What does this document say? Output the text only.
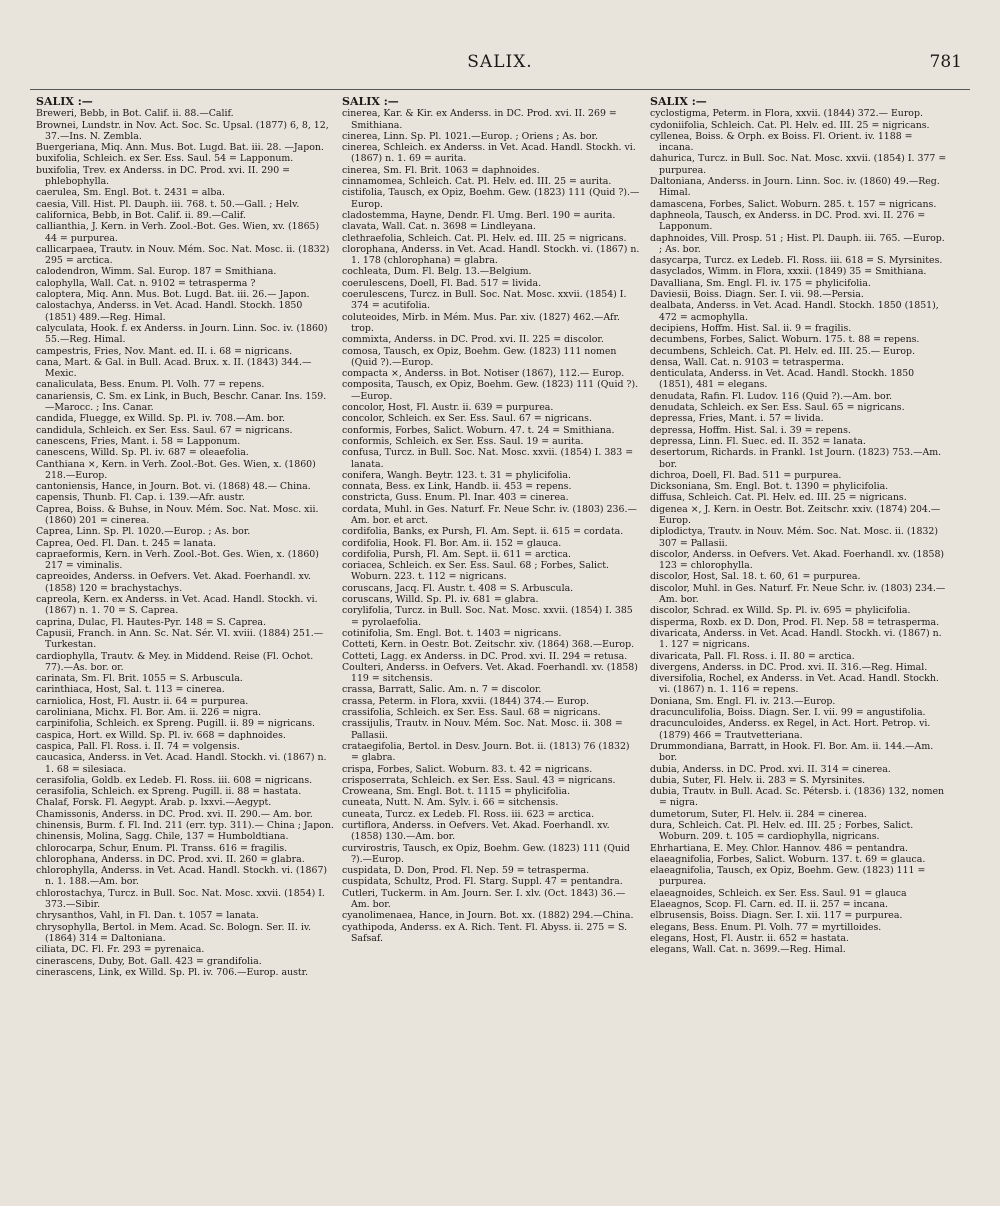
SALIX.	781
SALIX :—

Breweri, Bebb, in Bot. Calif. ii. 88.—Calif.

Brownei, Lundstr. in Nov. Act. Soc. Sc. Upsal. (1877) 6, 8, 12, 37.—Ins. N. Zembla.

Buergeriana, Miq. Ann. Mus. Bot. Lugd. Bat. iii. 28. —Japon.

buxifolia, Schleich. ex Ser. Ess. Saul. 54 = Lapponum.

buxifolia, Trev. ex Anderss. in DC. Prod. xvi. II. 290 = phlebophylla.

caerulea, Sm. Engl. Bot. t. 2431 = alba.

caesia, Vill. Hist. Pl. Dauph. iii. 768. t. 50.—Gall. ; Helv.

californica, Bebb, in Bot. Calif. ii. 89.—Calif.

callianthia, J. Kern. in Verh. Zool.-Bot. Ges. Wien, xv. (1865) 44 = purpurea.

callicarpaea, Trautv. in Nouv. Mém. Soc. Nat. Mosc. ii. (1832) 295 = arctica.

calodendron, Wimm. Sal. Europ. 187 = Smithiana.

calophylla, Wall. Cat. n. 9102 = tetrasperma ?

caloptera, Miq. Ann. Mus. Bot. Lugd. Bat. iii. 26.— Japon.

calostachya, Anderss. in Vet. Acad. Handl. Stockh. 1850 (1851) 489.—Reg. Himal.

calyculata, Hook. f. ex Anderss. in Journ. Linn. Soc. iv. (1860) 55.—Reg. Himal.

campestris, Fries, Nov. Mant. ed. II. i. 68 = nigricans.

cana, Mart. & Gal. in Bull. Acad. Brux. x. II. (1843) 344.—Mexic.

canaliculata, Bess. Enum. Pl. Volh. 77 = repens.

canariensis, C. Sm. ex Link, in Buch, Beschr. Canar. Ins. 159.—Marocc. ; Ins. Canar.

candida, Fluegge, ex Willd. Sp. Pl. iv. 708.—Am. bor.

candidula, Schleich. ex Ser. Ess. Saul. 67 = nigricans.

canescens, Fries, Mant. i. 58 = Lapponum.

canescens, Willd. Sp. Pl. iv. 687 = oleaefolia.

Canthiana ×, Kern. in Verh. Zool.-Bot. Ges. Wien, x. (1860) 218.—Europ.

cantoniensis, Hance, in Journ. Bot. vi. (1868) 48.— China.

capensis, Thunb. Fl. Cap. i. 139.—Afr. austr.

Caprea, Boiss. & Buhse, in Nouv. Mém. Soc. Nat. Mosc. xii. (1860) 201 = cinerea.

Caprea, Linn. Sp. Pl. 1020.—Europ. ; As. bor.

Caprea, Oed. Fl. Dan. t. 245 = lanata.

capraeformis, Kern. in Verh. Zool.-Bot. Ges. Wien, x. (1860) 217 = viminalis.

capreoides, Anderss. in Oefvers. Vet. Akad. Foerhandl. xv. (1858) 120 = brachystachys.

capreola, Kern. ex Anderss. in Vet. Acad. Handl. Stockh. vi. (1867) n. 1. 70 = S. Caprea.

caprina, Dulac, Fl. Hautes-Pyr. 148 = S. Caprea.

Capusii, Franch. in Ann. Sc. Nat. Sér. VI. xviii. (1884) 251.—Turkestan.

cardiophylla, Trautv. & Mey. in Middend. Reise (Fl. Ochot. 77).—As. bor. or.

carinata, Sm. Fl. Brit. 1055 = S. Arbuscula.

carinthiaca, Host, Sal. t. 113 = cinerea.

carniolica, Host, Fl. Austr. ii. 64 = purpurea.

caroliniana, Michx. Fl. Bor. Am. ii. 226 = nigra.

carpinifolia, Schleich. ex Spreng. Pugill. ii. 89 = nigricans.

caspica, Hort. ex Willd. Sp. Pl. iv. 668 = daphnoides.

caspica, Pall. Fl. Ross. i. II. 74 = volgensis.

caucasica, Anderss. in Vet. Acad. Handl. Stockh. vi. (1867) n. 1. 68 = silesiaca.

cerasifolia, Goldb. ex Ledeb. Fl. Ross. iii. 608 = nigricans.

cerasifolia, Schleich. ex Spreng. Pugill. ii. 88 = hastata.

Chalaf, Forsk. Fl. Aegypt. Arab. p. lxxvi.—Aegypt.

Chamissonis, Anderss. in DC. Prod. xvi. II. 290.— Am. bor.

chinensis, Burm. f. Fl. Ind. 211 (err. typ. 311).— China ; Japon.

chinensis, Molina, Sagg. Chile, 137 = Humboldtiana.

chlorocarpa, Schur, Enum. Pl. Transs. 616 = fragilis.

chlorophana, Anderss. in DC. Prod. xvi. II. 260 = glabra.

chlorophylla, Anderss. in Vet. Acad. Handl. Stockh. vi. (1867) n. 1. 188.—Am. bor.

chlorostachya, Turcz. in Bull. Soc. Nat. Mosc. xxvii. (1854) I. 373.—Sibir.

chrysanthos, Vahl, in Fl. Dan. t. 1057 = lanata.

chrysophylla, Bertol. in Mem. Acad. Sc. Bologn. Ser. II. iv. (1864) 314 = Daltoniana.

ciliata, DC. Fl. Fr. 293 = pyrenaica.

cinerascens, Duby, Bot. Gall. 423 = grandifolia.

cinerascens, Link, ex Willd. Sp. Pl. iv. 706.—Europ. austr.

SALIX :—

cinerea, Kar. & Kir. ex Anderss. in DC. Prod. xvi. II. 269 = Smithiana.

cinerea, Linn. Sp. Pl. 1021.—Europ. ; Oriens ; As. bor.

cinerea, Schleich. ex Anderss. in Vet. Acad. Handl. Stockh. vi. (1867) n. 1. 69 = aurita.

cinerea, Sm. Fl. Brit. 1063 = daphnoides.

cinnamomea, Schleich. Cat. Pl. Helv. ed. III. 25 = aurita.

cistifolia, Tausch, ex Opiz, Boehm. Gew. (1823) 111 (Quid ?).—Europ.

cladostemma, Hayne, Dendr. Fl. Umg. Berl. 190 = aurita.

clavata, Wall. Cat. n. 3698 = Lindleyana.

clethraefolia, Schleich. Cat. Pl. Helv. ed. III. 25 = nigricans.

clorophana, Anderss. in Vet. Acad. Handl. Stockh. vi. (1867) n. 1. 178 (chlorophana) = glabra.

cochleata, Dum. Fl. Belg. 13.—Belgium.

coerulescens, Doell, Fl. Bad. 517 = livida.

coerulescens, Turcz. in Bull. Soc. Nat. Mosc. xxvii. (1854) I. 374 = acutifolia.

coluteoides, Mirb. in Mém. Mus. Par. xiv. (1827) 462.—Afr. trop.

commixta, Anderss. in DC. Prod. xvi. II. 225 = discolor.

comosa, Tausch, ex Opiz, Boehm. Gew. (1823) 111 nomen (Quid ?).—Europ.

compacta ×, Anderss. in Bot. Notiser (1867), 112.— Europ.

composita, Tausch, ex Opiz, Boehm. Gew. (1823) 111 (Quid ?).—Europ.

concolor, Host, Fl. Austr. ii. 639 = purpurea.

concolor, Schleich. ex Ser. Ess. Saul. 67 = nigricans.

conformis, Forbes, Salict. Woburn. 47. t. 24 = Smithiana.

conformis, Schleich. ex Ser. Ess. Saul. 19 = aurita.

confusa, Turcz. in Bull. Soc. Nat. Mosc. xxvii. (1854) I. 383 = lanata.

conifera, Wangh. Beytr. 123. t. 31 = phylicifolia.

connata, Bess. ex Link, Handb. ii. 453 = repens.

constricta, Guss. Enum. Pl. Inar. 403 = cinerea.

cordata, Muhl. in Ges. Naturf. Fr. Neue Schr. iv. (1803) 236.—Am. bor. et arct.

cordifolia, Banks, ex Pursh, Fl. Am. Sept. ii. 615 = cordata.

cordifolia, Hook. Fl. Bor. Am. ii. 152 = glauca.

cordifolia, Pursh, Fl. Am. Sept. ii. 611 = arctica.

coriacea, Schleich. ex Ser. Ess. Saul. 68 ; Forbes, Salict. Woburn. 223. t. 112 = nigricans.

coruscans, Jacq. Fl. Austr. t. 408 = S. Arbuscula.

coruscans, Willd. Sp. Pl. iv. 681 = glabra.

corylifolia, Turcz. in Bull. Soc. Nat. Mosc. xxvii. (1854) I. 385 = pyrolaefolia.

cotinifolia, Sm. Engl. Bot. t. 1403 = nigricans.

Cotteti, Kern. in Oestr. Bot. Zeitschr. xiv. (1864) 368.—Europ.

Cotteti, Lagg. ex Anderss. in DC. Prod. xvi. II. 294 = retusa.

Coulteri, Anderss. in Oefvers. Vet. Akad. Foerhandl. xv. (1858) 119 = sitchensis.

crassa, Barratt, Salic. Am. n. 7 = discolor.

crassa, Peterm. in Flora, xxvii. (1844) 374.— Europ.

crassifolia, Schleich. ex Ser. Ess. Saul. 68 = nigricans.

crassijulis, Trautv. in Nouv. Mém. Soc. Nat. Mosc. ii. 308 = Pallasii.

crataegifolia, Bertol. in Desv. Journ. Bot. ii. (1813) 76 (1832) = glabra.

crispa, Forbes, Salict. Woburn. 83. t. 42 = nigricans.

crisposerrata, Schleich. ex Ser. Ess. Saul. 43 = nigricans.

Croweana, Sm. Engl. Bot. t. 1115 = phylicifolia.

cuneata, Nutt. N. Am. Sylv. i. 66 = sitchensis.

cuneata, Turcz. ex Ledeb. Fl. Ross. iii. 623 = arctica.

curtiflora, Anderss. in Oefvers. Vet. Akad. Foerhandl. xv. (1858) 130.—Am. bor.

curvirostris, Tausch, ex Opiz, Boehm. Gew. (1823) 111 (Quid ?).—Europ.

cuspidata, D. Don, Prod. Fl. Nep. 59 = tetrasperma.

cuspidata, Schultz, Prod. Fl. Starg. Suppl. 47 = pentandra.

Cutleri, Tuckerm. in Am. Journ. Ser. I. xlv. (Oct. 1843) 36.—Am. bor.

cyanolimenaea, Hance, in Journ. Bot. xx. (1882) 294.—China.

cyathipoda, Anderss. ex A. Rich. Tent. Fl. Abyss. ii. 275 = S. Safsaf.

SALIX :—

cyclostigma, Peterm. in Flora, xxvii. (1844) 372.— Europ.

cydoniifolia, Schleich. Cat. Pl. Helv. ed. III. 25 = nigricans.

cyllenea, Boiss. & Orph. ex Boiss. Fl. Orient. iv. 1188 = incana.

dahurica, Turcz. in Bull. Soc. Nat. Mosc. xxvii. (1854) I. 377 = purpurea.

Daltoniana, Anderss. in Journ. Linn. Soc. iv. (1860) 49.—Reg. Himal.

damascena, Forbes, Salict. Woburn. 285. t. 157 = nigricans.

daphneola, Tausch, ex Anderss. in DC. Prod. xvi. II. 276 = Lapponum.

daphnoides, Vill. Prosp. 51 ; Hist. Pl. Dauph. iii. 765. —Europ. ; As. bor.

dasycarpa, Turcz. ex Ledeb. Fl. Ross. iii. 618 = S. Myrsinites.

dasyclados, Wimm. in Flora, xxxii. (1849) 35 = Smithiana.

Davalliana, Sm. Engl. Fl. iv. 175 = phylicifolia.

Daviesii, Boiss. Diagn. Ser. I. vii. 98.—Persia.

dealbata, Anderss. in Vet. Acad. Handl. Stockh. 1850 (1851), 472 = acmophylla.

decipiens, Hoffm. Hist. Sal. ii. 9 = fragilis.

decumbens, Forbes, Salict. Woburn. 175. t. 88 = repens.

decumbens, Schleich. Cat. Pl. Helv. ed. III. 25.— Europ.

densa, Wall. Cat. n. 9103 = tetrasperma.

denticulata, Anderss. in Vet. Acad. Handl. Stockh. 1850 (1851), 481 = elegans.

denudata, Rafin. Fl. Ludov. 116 (Quid ?).—Am. bor.

denudata, Schleich. ex Ser. Ess. Saul. 65 = nigricans.

depressa, Fries, Mant. i. 57 = livida.

depressa, Hoffm. Hist. Sal. i. 39 = repens.

depressa, Linn. Fl. Suec. ed. II. 352 = lanata.

desertorum, Richards. in Frankl. 1st Journ. (1823) 753.—Am. bor.

dichroa, Doell, Fl. Bad. 511 = purpurea.

Dicksoniana, Sm. Engl. Bot. t. 1390 = phylicifolia.

diffusa, Schleich. Cat. Pl. Helv. ed. III. 25 = nigricans.

digenea ×, J. Kern. in Oestr. Bot. Zeitschr. xxiv. (1874) 204.—Europ.

diplodictya, Trautv. in Nouv. Mém. Soc. Nat. Mosc. ii. (1832) 307 = Pallasii.

discolor, Anderss. in Oefvers. Vet. Akad. Foerhandl. xv. (1858) 123 = chlorophylla.

discolor, Host, Sal. 18. t. 60, 61 = purpurea.

discolor, Muhl. in Ges. Naturf. Fr. Neue Schr. iv. (1803) 234.—Am. bor.

discolor, Schrad. ex Willd. Sp. Pl. iv. 695 = phylicifolia.

disperma, Roxb. ex D. Don, Prod. Fl. Nep. 58 = tetrasperma.

divaricata, Anderss. in Vet. Acad. Handl. Stockh. vi. (1867) n. 1. 127 = nigricans.

divaricata, Pall. Fl. Ross. i. II. 80 = arctica.

divergens, Anderss. in DC. Prod. xvi. II. 316.—Reg. Himal.

diversifolia, Rochel, ex Anderss. in Vet. Acad. Handl. Stockh. vi. (1867) n. 1. 116 = repens.

Doniana, Sm. Engl. Fl. iv. 213.—Europ.

dracunculifolia, Boiss. Diagn. Ser. I. vii. 99 = angustifolia.

dracunculoides, Anderss. ex Regel, in Act. Hort. Petrop. vi. (1879) 466 = Trautvetteriana.

Drummondiana, Barratt, in Hook. Fl. Bor. Am. ii. 144.—Am. bor.

dubia, Anderss. in DC. Prod. xvi. II. 314 = cinerea.

dubia, Suter, Fl. Helv. ii. 283 = S. Myrsinites.

dubia, Trautv. in Bull. Acad. Sc. Pétersb. i. (1836) 132, nomen = nigra.

dumetorum, Suter, Fl. Helv. ii. 284 = cinerea.

dura, Schleich. Cat. Pl. Helv. ed. III. 25 ; Forbes, Salict. Woburn. 209. t. 105 = cardiophylla, nigricans.

Ehrhartiana, E. Mey. Chlor. Hannov. 486 = pentandra.

elaeagnifolia, Forbes, Salict. Woburn. 137. t. 69 = glauca.

elaeagnifolia, Tausch, ex Opiz, Boehm. Gew. (1823) 111 = purpurea.

elaeagnoides, Schleich. ex Ser. Ess. Saul. 91 = glauca

Elaeagnos, Scop. Fl. Carn. ed. II. ii. 257 = incana.

elbrusensis, Boiss. Diagn. Ser. I. xii. 117 = purpurea.

elegans, Bess. Enum. Pl. Volh. 77 = myrtilloides.

elegans, Host, Fl. Austr. ii. 652 = hastata.

elegans, Wall. Cat. n. 3699.—Reg. Himal.
